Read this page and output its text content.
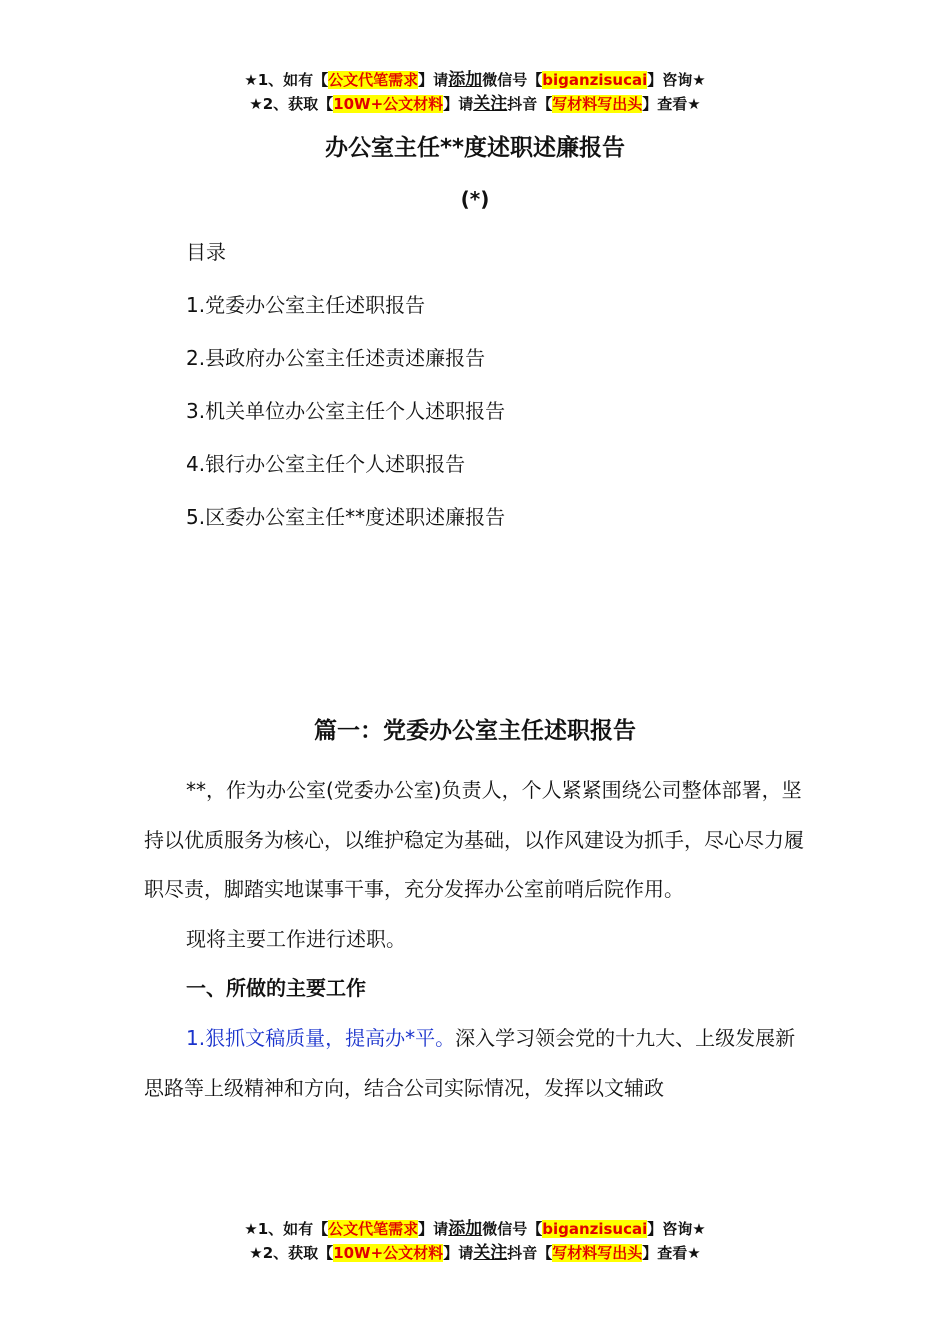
★1、如有【公文代笔需求】请添加微信号【biganzisucai】咨询★
★2、获取【10W+公文材料】请关注抖音【写材料写出头】查看★
办公室主任**度述职述廉报告
(*)
目录
1.党委办公室主任述职报告
2.县政府办公室主任述责述廉报告
3.机关单位办公室主任个人述职报告
4.银行办公室主任个人述职报告
5.区委办公室主任**度述职述廉报告
篇一：党委办公室主任述职报告

**，作为办公室(党委办公室)负责人，个人紧紧围绕公司整体部署，坚持以优质服务为核心，以维护稳定为基础，以作风建设为抓手，尽心尽力履职尽责，脚踏实地谋事干事，充分发挥办公室前哨后院作用。

现将主要工作进行述职。

一、所做的主要工作

1.狠抓文稿质量，提高办*平。深入学习领会党的十九大、上级发展新思路等上级精神和方向，结合公司实际情况，发挥以文辅政

★1、如有【公文代笔需求】请添加微信号【biganzisucai】咨询★
★2、获取【10W+公文材料】请关注抖音【写材料写出头】查看★
